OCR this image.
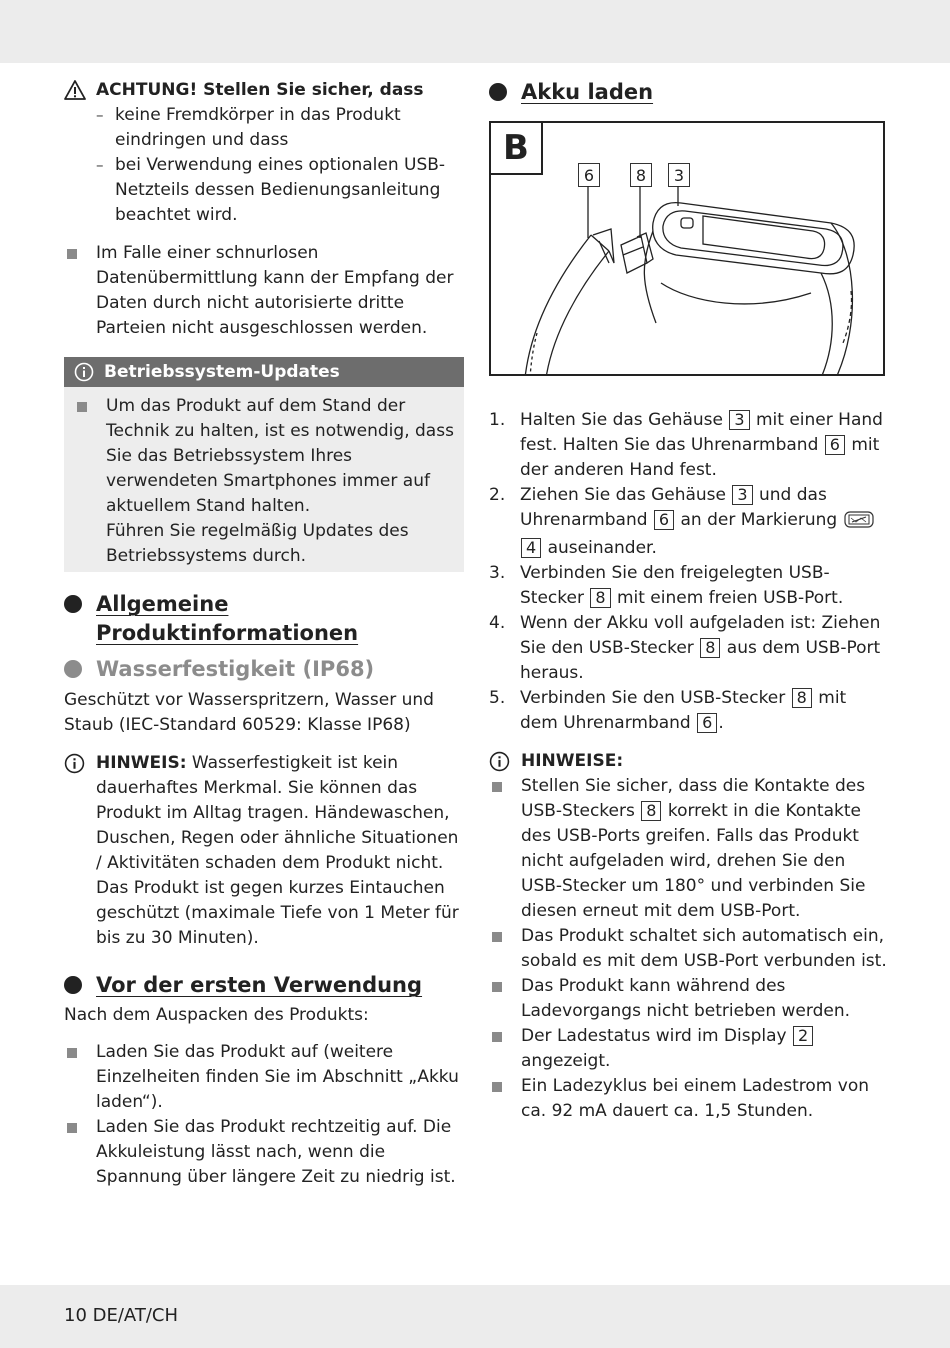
ACHTUNG! Stellen Sie sicher, dass
– keine Fremdkörper in das Produkt eindringen und dass
– bei Verwendung eines optionalen USB-Netzteils dessen Bedienungsanleitung beachtet wird.
Im Falle einer schnurlosen Datenübermittlung kann der Empfang der Daten durch nicht autorisierte dritte Parteien nicht ausgeschlossen werden.
Betriebssystem-Updates
Um das Produkt auf dem Stand der Technik zu halten, ist es notwendig, dass Sie das Betriebssystem Ihres verwendeten Smartphones immer auf aktuellem Stand halten.
Führen Sie regelmäßig Updates des Betriebssystems durch.
Allgemeine
Produktinformationen
Wasserfestigkeit (IP68)
Geschützt vor Wasserspritzern, Wasser und Staub (IEC-Standard 60529: Klasse IP68)
HINWEIS: Wasserfestigkeit ist kein dauerhaftes Merkmal. Sie können das Produkt im Alltag tragen. Händewaschen, Duschen, Regen oder ähnliche Situationen / Aktivitäten schaden dem Produkt nicht. Das Produkt ist gegen kurzes Eintauchen geschützt (maximale Tiefe von 1 Meter für bis zu 30 Minuten).
Vor der ersten Verwendung
Nach dem Auspacken des Produkts:
Laden Sie das Produkt auf (weitere Einzelheiten finden Sie im Abschnitt „Akku laden“).
Laden Sie das Produkt rechtzeitig auf. Die Akkuleistung lässt nach, wenn die Spannung über längere Zeit zu niedrig ist.
Akku laden
B
6	8	3
1. Halten Sie das Gehäuse 3 mit einer Hand fest. Halten Sie das Uhrenarmband 6 mit der anderen Hand fest.
2. Ziehen Sie das Gehäuse 3 und das Uhrenarmband 6 an der Markierung 4 auseinander.
3. Verbinden Sie den freigelegten USB-Stecker 8 mit einem freien USB-Port.
4. Wenn der Akku voll aufgeladen ist: Ziehen Sie den USB-Stecker 8 aus dem USB-Port heraus.
5. Verbinden Sie den USB-Stecker 8 mit dem Uhrenarmband 6 .
HINWEISE:
Stellen Sie sicher, dass die Kontakte des USB-Steckers 8 korrekt in die Kontakte des USB-Ports greifen. Falls das Produkt nicht aufgeladen wird, drehen Sie den USB-Stecker um 180° und verbinden Sie diesen erneut mit dem USB-Port.
Das Produkt schaltet sich automatisch ein, sobald es mit dem USB-Port verbunden ist.
Das Produkt kann während des Ladevorgangs nicht betrieben werden.
Der Ladestatus wird im Display 2 angezeigt.
Ein Ladezyklus bei einem Ladestrom von ca. 92 mA dauert ca. 1,5 Stunden.
10 DE/AT/CH
